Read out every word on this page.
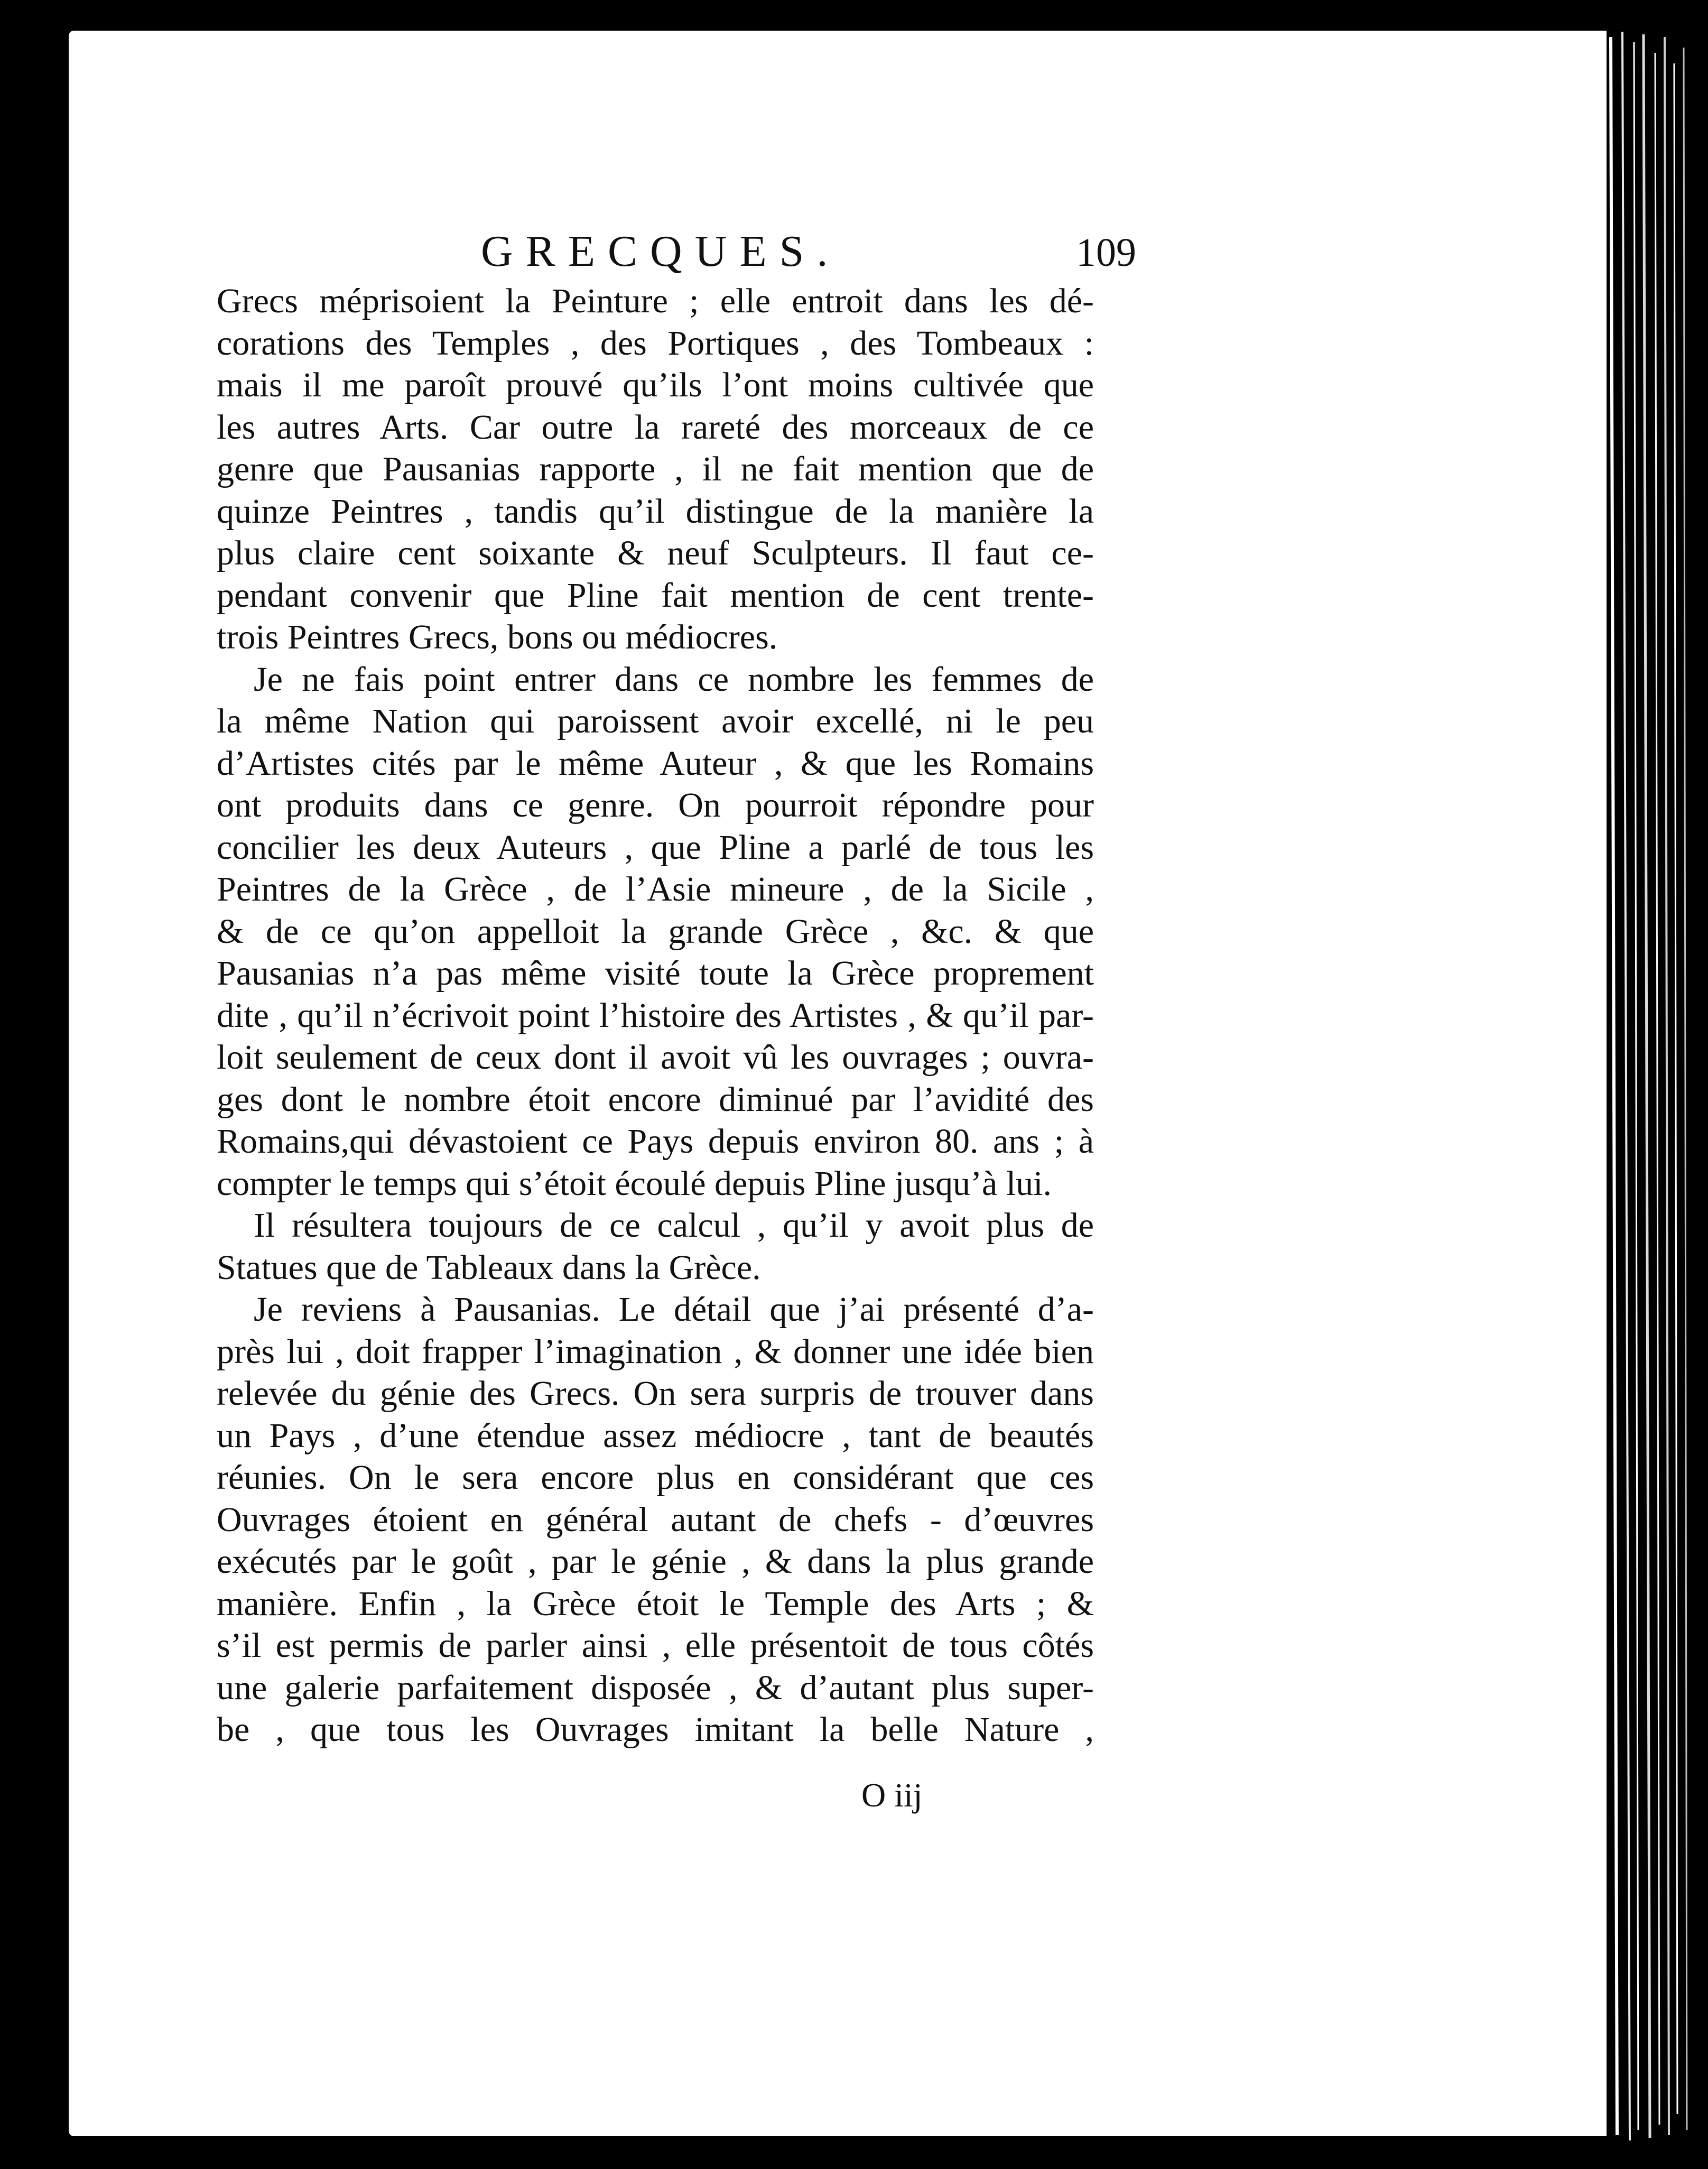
GRECQUES.	109
Grecs méprisoient la Peinture ; elle entroit dans les dé-
corations des Temples , des Portiques , des Tombeaux :
mais il me paroît prouvé qu’ils l’ont moins cultivée que
les autres Arts. Car outre la rareté des morceaux de ce
genre que Pausanias rapporte , il ne fait mention que de
quinze Peintres , tandis qu’il distingue de la manière la
plus claire cent soixante & neuf Sculpteurs. Il faut ce-
pendant convenir que Pline fait mention de cent trente-
trois Peintres Grecs, bons ou médiocres.
Je ne fais point entrer dans ce nombre les femmes de
la même Nation qui paroissent avoir excellé, ni le peu
d’Artistes cités par le même Auteur , & que les Romains
ont produits dans ce genre. On pourroit répondre pour
concilier les deux Auteurs , que Pline a parlé de tous les
Peintres de la Grèce , de l’Asie mineure , de la Sicile ,
& de ce qu’on appelloit la grande Grèce , &c. & que
Pausanias n’a pas même visité toute la Grèce proprement
dite , qu’il n’écrivoit point l’histoire des Artistes , & qu’il par-
loit seulement de ceux dont il avoit vû les ouvrages ; ouvra-
ges dont le nombre étoit encore diminué par l’avidité des
Romains,qui dévastoient ce Pays depuis environ 80. ans ; à
compter le temps qui s’étoit écoulé depuis Pline jusqu’à lui.
Il résultera toujours de ce calcul , qu’il y avoit plus de
Statues que de Tableaux dans la Grèce.
Je reviens à Pausanias. Le détail que j’ai présenté d’a-
près lui , doit frapper l’imagination , & donner une idée bien
relevée du génie des Grecs. On sera surpris de trouver dans
un Pays , d’une étendue assez médiocre , tant de beautés
réunies. On le sera encore plus en considérant que ces
Ouvrages étoient en général autant de chefs - d’œuvres
exécutés par le goût , par le génie , & dans la plus grande
manière. Enfin , la Grèce étoit le Temple des Arts ; &
s’il est permis de parler ainsi , elle présentoit de tous côtés
une galerie parfaitement disposée , & d’autant plus super-
be , que tous les Ouvrages imitant la belle Nature ,
O iij
